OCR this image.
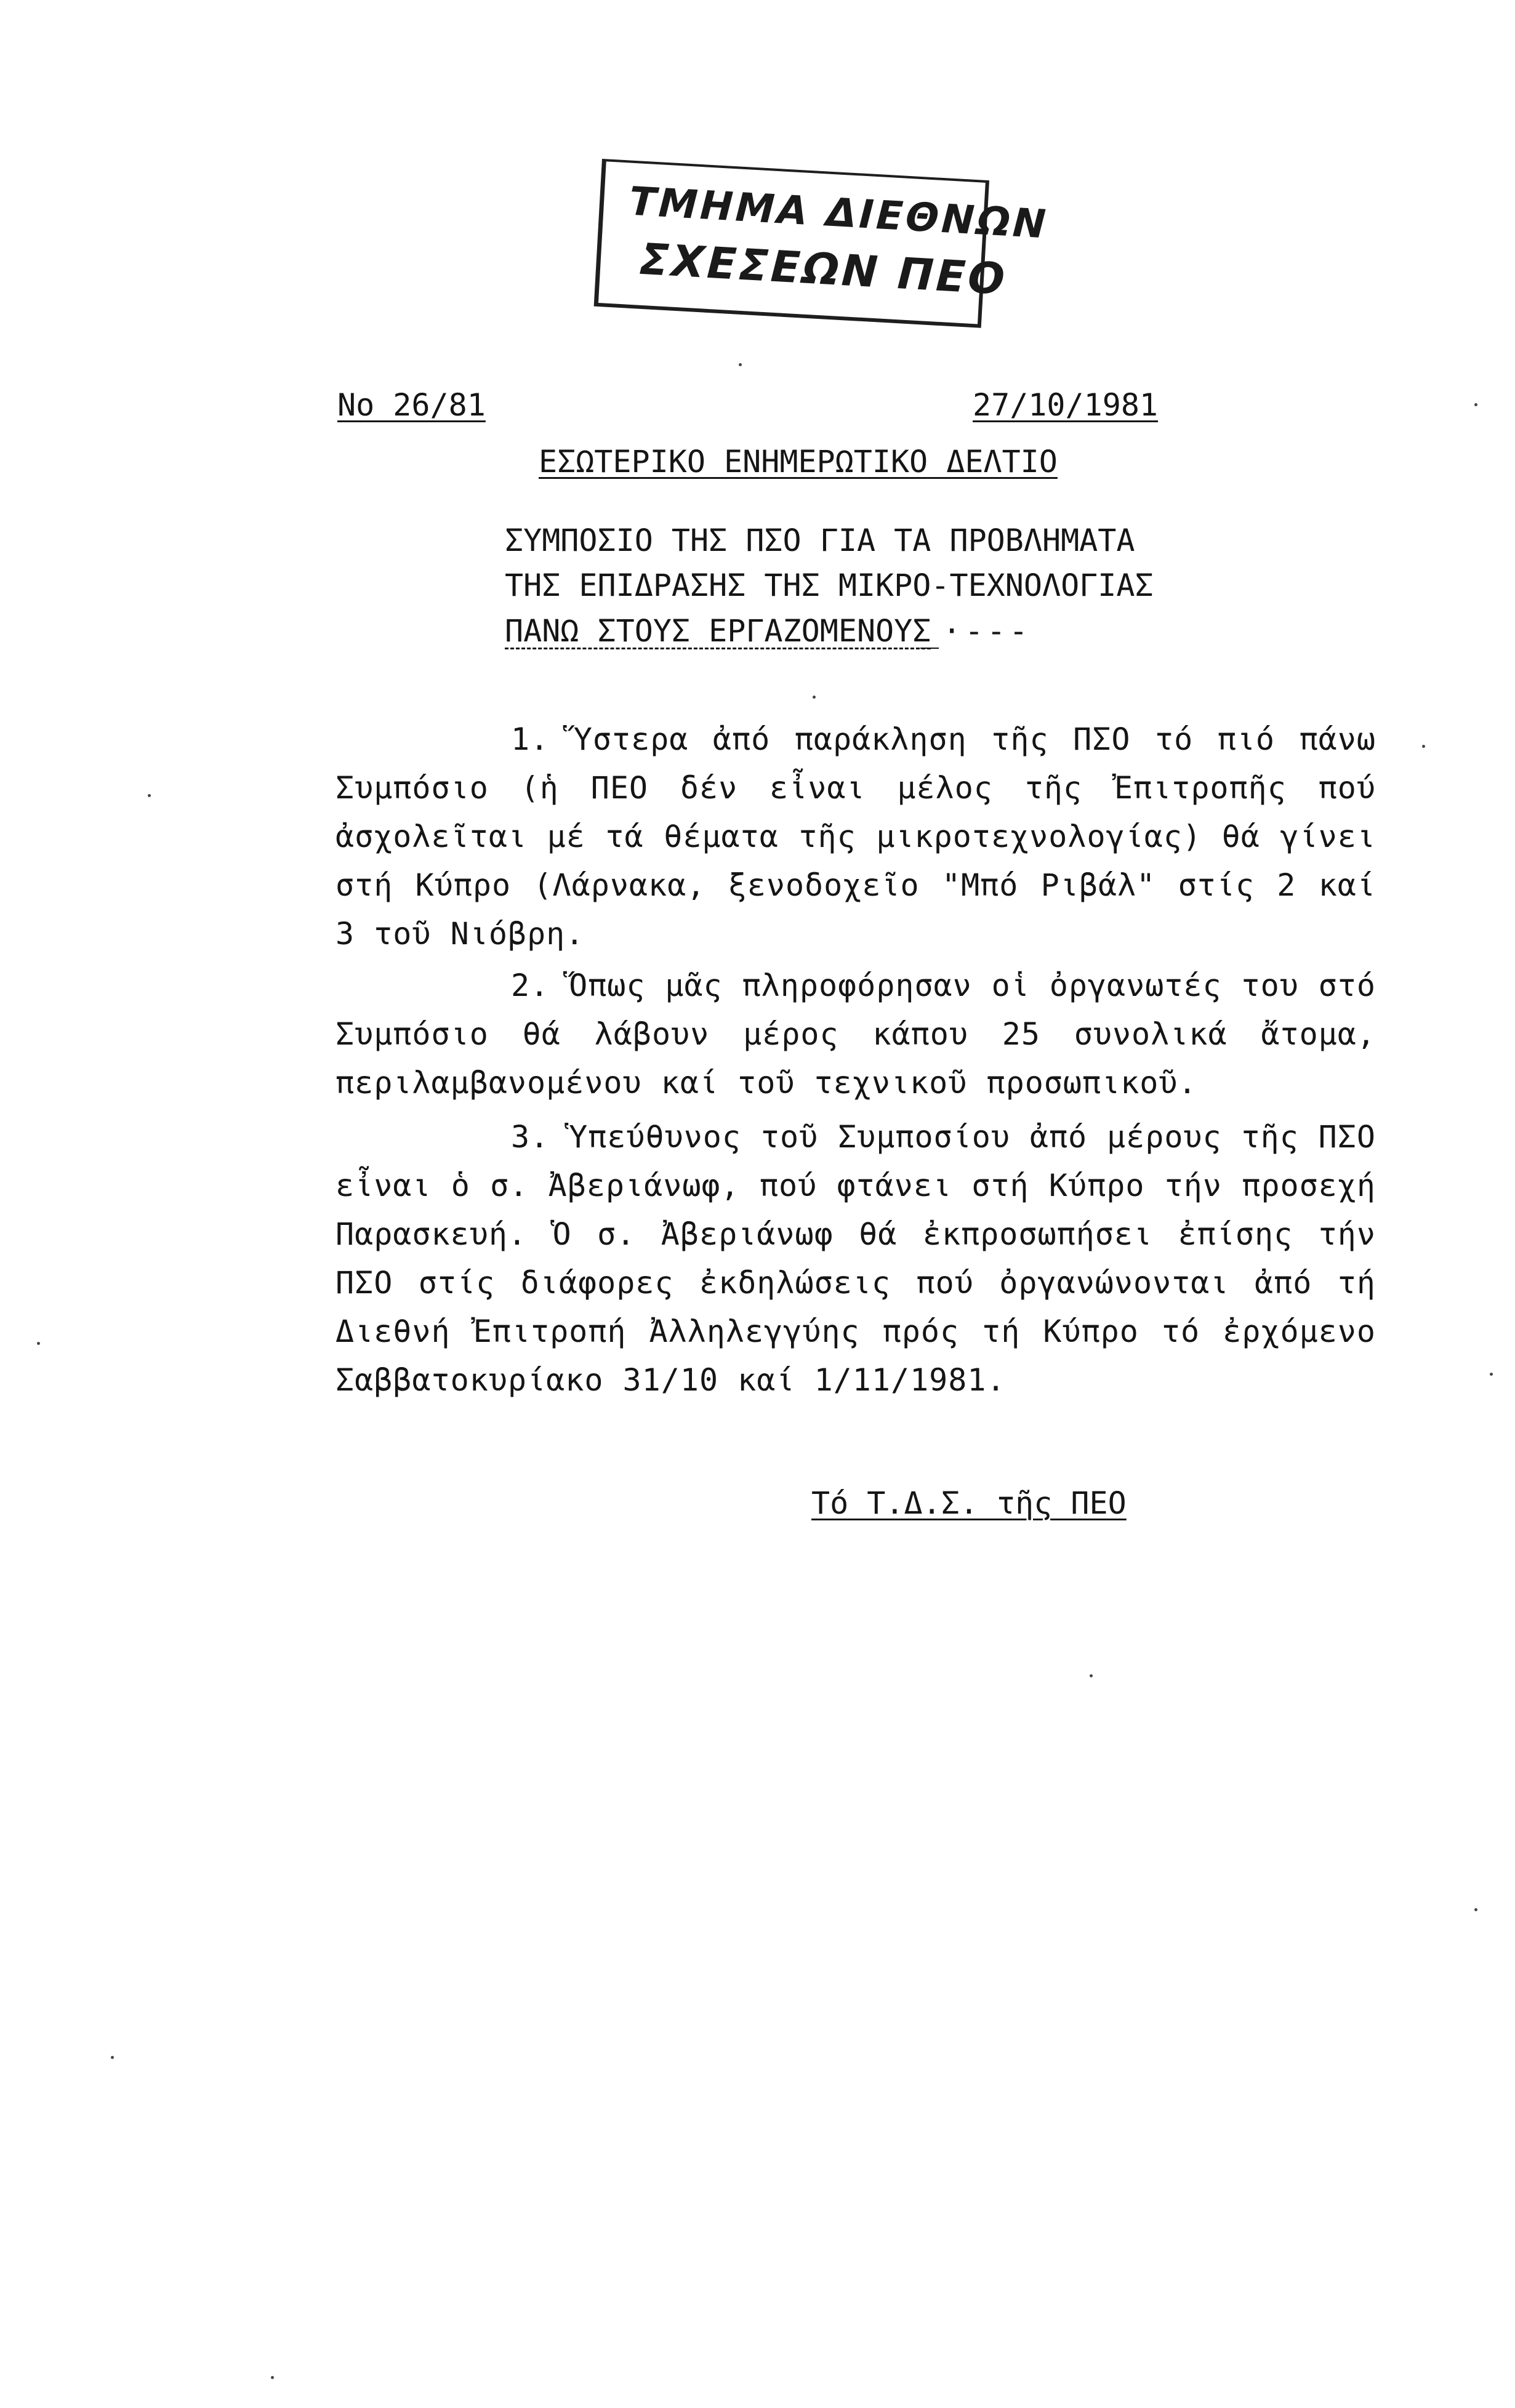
ΤΜΗΜΑ ΔΙΕΘΝΩΝ
ΣΧΕΣΕΩΝ ΠΕΟ
No 26/81	27/10/1981
ΕΣΩΤΕΡΙΚΟ ΕΝΗΜΕΡΩΤΙΚΟ ΔΕΛΤΙΟ
ΣΥΜΠΟΣΙΟ ΤΗΣ ΠΣΟ ΓΙΑ ΤΑ ΠΡΟΒΛΗΜΑΤΑ
ΤΗΣ ΕΠΙΔΡΑΣΗΣ ΤΗΣ ΜΙΚΡΟ-ΤΕΧΝΟΛΟΓΙΑΣ
ΠΑΝΩ ΣΤΟΥΣ ΕΡΓΑΖΟΜΕΝΟΥΣ
_·---
1. Ὕστερα ἀπό παράκληση τῆς ΠΣΟ τό πιό πάνω Συμπόσιο (ἡ ΠΕΟ δέν εἶναι μέλος τῆς Ἐπιτροπῆς πού ἀσχολεῖται μέ τά θέματα τῆς μικροτεχνολογίας) θά γίνει στή Κύπρο (Λάρνακα, ξενοδοχεῖο "Μπό Ριβάλ" στίς 2 καί 3 τοῦ Νιόβρη.
2. Ὅπως μᾶς πληροφόρησαν οἱ ὀργανωτές του στό Συμπόσιο θά λάβουν μέρος κάπου 25 συνολικά ἄτομα, περιλαμβανομένου καί τοῦ τεχνικοῦ προσωπικοῦ.
3. Ὑπεύθυνος τοῦ Συμποσίου ἀπό μέρους τῆς ΠΣΟ εἶναι ὁ σ. Ἀβεριάνωφ, πού φτάνει στή Κύπρο τήν προσεχή Παρασκευή. Ὁ σ. Ἀβεριάνωφ θά ἐκπροσωπήσει ἐπίσης τήν ΠΣΟ στίς διάφορες ἐκδηλώσεις πού ὀργανώνονται ἀπό τή Διεθνή Ἐπιτροπή Ἀλληλεγγύης πρός τή Κύπρο τό ἐρχόμενο Σαββατοκυρίακο 31/10 καί 1/11/1981.
Τό Τ.Δ.Σ. τῆς ΠΕΟ
